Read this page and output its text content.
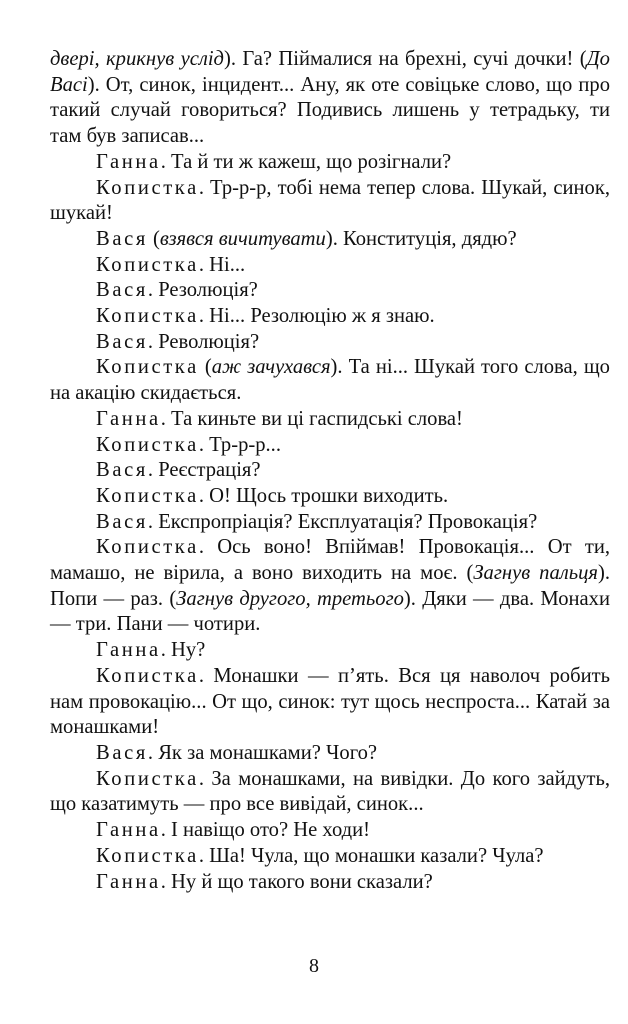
двері, крикнув услід). Га? Піймалися на брехні, сучі дочки! (До Васі). От, синок, інцидент... Ану, як оте совіцьке слово, що про такий случай говориться? Подивись лишень у тетрадьку, ти там був записав...

Ганна. Та й ти ж кажеш, що розігнали?

Копистка. Тр-р-р, тобі нема тепер слова. Шукай, синок, шукай!

Вася (взявся вичитувати). Конституція, дядю?

Копистка. Ні...

Вася. Резолюція?

Копистка. Ні... Резолюцію ж я знаю.

Вася. Революція?

Копистка (аж зачухався). Та ні... Шукай того слова, що на акацію скидається.

Ганна. Та киньте ви ці гаспидські слова!

Копистка. Тр-р-р...

Вася. Реєстрація?

Копистка. О! Щось трошки виходить.

Вася. Експропріація? Експлуатація? Провокація?

Копистка. Ось воно! Впіймав! Провокація... От ти, мамашо, не вірила, а воно виходить на моє. (Загнув пальця). Попи — раз. (Загнув другого, третього). Дяки — два. Монахи — три. Пани — чотири.

Ганна. Ну?

Копистка. Монашки — п’ять. Вся ця наволоч робить нам провокацію... От що, синок: тут щось неспроста... Катай за монашками!

Вася. Як за монашками? Чого?

Копистка. За монашками, на вивідки. До кого зайдуть, що казатимуть — про все вивідай, синок...

Ганна. І навіщо ото? Не ходи!

Копистка. Ша! Чула, що монашки казали? Чула?

Ганна. Ну й що такого вони сказали?

8
